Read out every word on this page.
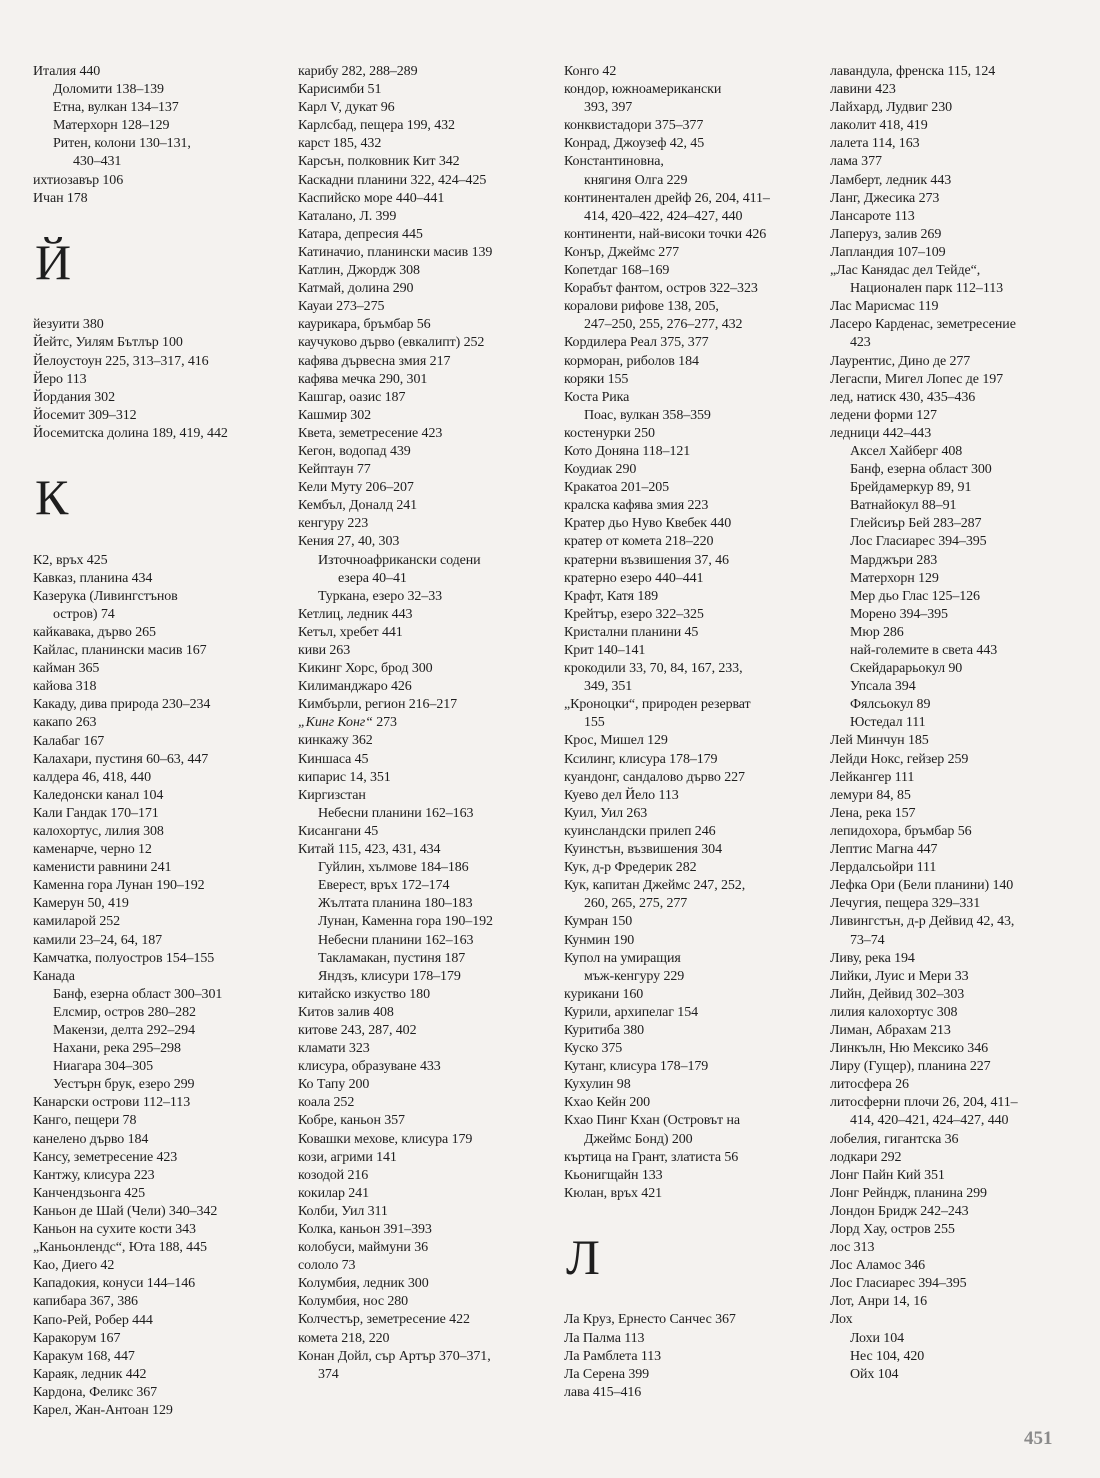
Италия 440
Доломити 138–139
Етна, вулкан 134–137
Матерхорн 128–129
Ритен, колони 130–131,
430–431
ихтиозавър 106
Ичан 178
Й
йезуити 380
Йейтс, Уилям Бътлър 100
Йелоустоун 225, 313–317, 416
Йеро 113
Йордания 302
Йосемит 309–312
Йосемитска долина 189, 419, 442
К
К2, връх 425
Кавказ, планина 434
Казерука (Ливингстънов
остров) 74
кайкавака, дърво 265
Кайлас, планински масив 167
кайман 365
кайова 318
Какаду, дива природа 230–234
какапо 263
Калабаг 167
Калахари, пустиня 60–63, 447
калдера 46, 418, 440
Каледонски канал 104
Кали Гандак 170–171
калохортус, лилия 308
каменарче, черно 12
каменисти равнини 241
Каменна гора Лунан 190–192
Камерун 50, 419
камиларой 252
камили 23–24, 64, 187
Камчатка, полуостров 154–155
Канада
Банф, езерна област 300–301
Елсмир, остров 280–282
Макензи, делта 292–294
Нахани, река 295–298
Ниагара 304–305
Уестърн брук, езеро 299
Канарски острови 112–113
Канго, пещери 78
канелено дърво 184
Кансу, земетресение 423
Кантжу, клисура 223
Канчендзьонга 425
Каньон де Шай (Чели) 340–342
Каньон на сухите кости 343
„Каньонлендс“, Юта 188, 445
Као, Диего 42
Кападокия, конуси 144–146
капибара 367, 386
Капо-Рей, Робер 444
Каракорум 167
Каракум 168, 447
Караяк, ледник 442
Кардона, Феликс 367
Карел, Жан-Антоан 129
карибу 282, 288–289
Карисимби 51
Карл V, дукат 96
Карлсбад, пещера 199, 432
карст 185, 432
Карсън, полковник Кит 342
Каскадни планини 322, 424–425
Каспийско море 440–441
Каталано, Л. 399
Катара, депресия 445
Катиначио, планински масив 139
Катлин, Джордж 308
Катмай, долина 290
Кауаи 273–275
каурикара, бръмбар 56
каучуково дърво (евкалипт) 252
кафява дървесна змия 217
кафява мечка 290, 301
Кашгар, оазис 187
Кашмир 302
Квета, земетресение 423
Кегон, водопад 439
Кейптаун 77
Кели Муту 206–207
Кембъл, Доналд 241
кенгуру 223
Кения 27, 40, 303
Източноафрикански содени
езера 40–41
Туркана, езеро 32–33
Кетлиц, ледник 443
Кетъл, хребет 441
киви 263
Кикинг Хорс, брод 300
Килиманджаро 426
Кимбърли, регион 216–217
„Кинг Конг“ 273
кинкажу 362
Киншаса 45
кипарис 14, 351
Киргизстан
Небесни планини 162–163
Кисангани 45
Китай 115, 423, 431, 434
Гуйлин, хълмове 184–186
Еверест, връх 172–174
Жълтата планина 180–183
Лунан, Каменна гора 190–192
Небесни планини 162–163
Такламакан, пустиня 187
Яндзъ, клисури 178–179
китайско изкуство 180
Китов залив 408
китове 243, 287, 402
кламати 323
клисура, образуване 433
Ко Тапу 200
коала 252
Кобре, каньон 357
Ковашки мехове, клисура 179
кози, агрими 141
козодой 216
кокилар 241
Колби, Уил 311
Колка, каньон 391–393
колобуси, маймуни 36
сололо 73
Колумбия, ледник 300
Колумбия, нос 280
Колчестър, земетресение 422
комета 218, 220
Конан Дойл, сър Артър 370–371,
374
Конго 42
кондор, южноамерикански
393, 397
конквистадори 375–377
Конрад, Джоузеф 42, 45
Константиновна,
княгиня Олга 229
континентален дрейф 26, 204, 411–
414, 420–422, 424–427, 440
континенти, най-високи точки 426
Конър, Джеймс 277
Копетдаг 168–169
Корабът фантом, остров 322–323
коралови рифове 138, 205,
247–250, 255, 276–277, 432
Кордилера Реал 375, 377
корморан, риболов 184
коряки 155
Коста Рика
Поас, вулкан 358–359
костенурки 250
Кото Доняна 118–121
Коудиак 290
Кракатоа 201–205
кралска кафява змия 223
Кратер дьо Нуво Квебек 440
кратер от комета 218–220
кратерни възвишения 37, 46
кратерно езеро 440–441
Крафт, Катя 189
Крейтър, езеро 322–325
Кристални планини 45
Крит 140–141
крокодили 33, 70, 84, 167, 233,
349, 351
„Кроноцки“, природен резерват
155
Крос, Мишел 129
Ксилинг, клисура 178–179
куандонг, сандалово дърво 227
Куево дел Йело 113
Куил, Уил 263
куинсландски прилеп 246
Куинстън, възвишения 304
Кук, д-р Фредерик 282
Кук, капитан Джеймс 247, 252,
260, 265, 275, 277
Кумран 150
Кунмин 190
Купол на умиращия
мъж-кенгуру 229
курикани 160
Курили, архипелаг 154
Куритиба 380
Куско 375
Кутанг, клисура 178–179
Кухулин 98
Кхао Кейн 200
Кхао Пинг Кхан (Островът на
Джеймс Бонд) 200
къртица на Грант, златиста 56
Кьонигщайн 133
Кюлан, връх 421
Л
Ла Круз, Ернесто Санчес 367
Ла Палма 113
Ла Рамблета 113
Ла Серена 399
лава 415–416
лавандула, френска 115, 124
лавини 423
Лайхард, Лудвиг 230
лаколит 418, 419
лалета 114, 163
лама 377
Ламберт, ледник 443
Ланг, Джесика 273
Лансароте 113
Лаперуз, залив 269
Лапландия 107–109
„Лас Канядас дел Тейде“,
Национален парк 112–113
Лас Марисмас 119
Ласеро Карденас, земетресение
423
Лаурентис, Дино де 277
Легаспи, Мигел Лопес де 197
лед, натиск 430, 435–436
ледени форми 127
ледници 442–443
Аксел Хайберг 408
Банф, езерна област 300
Брейдамеркур 89, 91
Ватнайокул 88–91
Глейсиър Бей 283–287
Лос Гласиарес 394–395
Марджъри 283
Матерхорн 129
Мер дьо Глас 125–126
Морено 394–395
Мюр 286
най-големите в света 443
Скейдарарьокул 90
Упсала 394
Фялсьокул 89
Юстедал 111
Лей Минчун 185
Лейди Нокс, гейзер 259
Лейкангер 111
лемури 84, 85
Лена, река 157
лепидохора, бръмбар 56
Лептис Магна 447
Лердалсьойри 111
Лефка Ори (Бели планини) 140
Лечугия, пещера 329–331
Ливингстън, д-р Дейвид 42, 43,
73–74
Ливу, река 194
Лийки, Луис и Мери 33
Лийн, Дейвид 302–303
лилия калохортус 308
Лиман, Абрахам 213
Линкълн, Ню Мексико 346
Лиру (Гущер), планина 227
литосфера 26
литосферни плочи 26, 204, 411–
414, 420–421, 424–427, 440
лобелия, гигантска 36
лодкари 292
Лонг Пайн Кий 351
Лонг Рейндж, планина 299
Лондон Бридж 242–243
Лорд Хау, остров 255
лос 313
Лос Аламос 346
Лос Гласиарес 394–395
Лот, Анри 14, 16
Лох
Лохи 104
Нес 104, 420
Ойх 104
451
